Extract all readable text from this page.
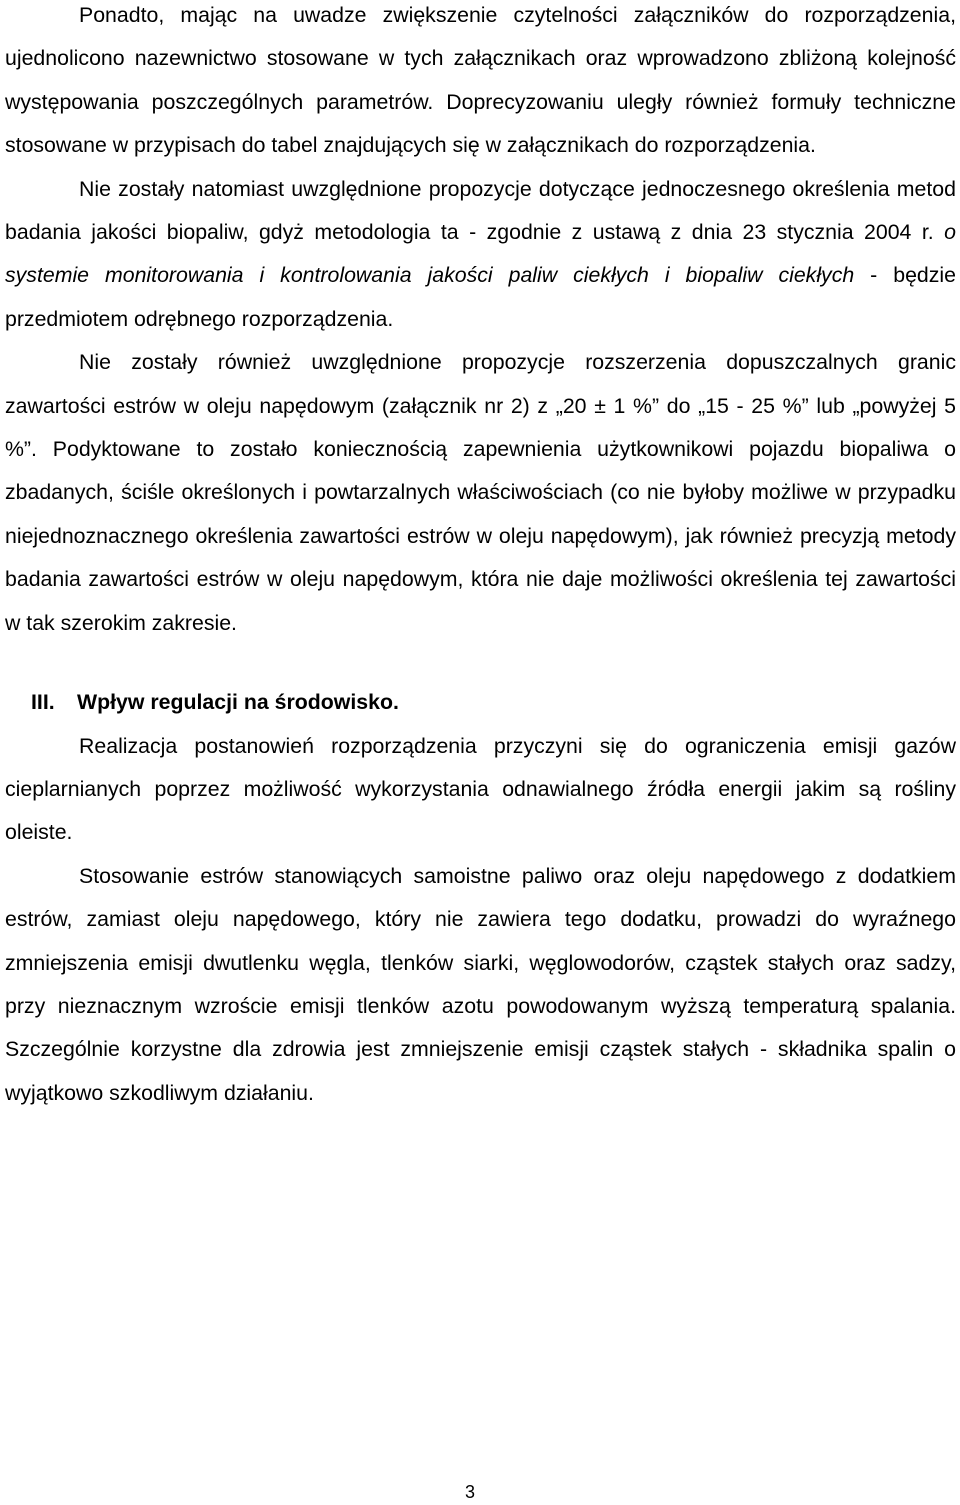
Ponadto, mając na uwadze zwiększenie czytelności załączników do rozporządzenia, ujednolicono nazewnictwo stosowane w tych załącznikach oraz wprowadzono zbliżoną kolejność występowania poszczególnych parametrów. Doprecyzowaniu uległy również formuły techniczne stosowane w przypisach do tabel znajdujących się w załącznikach do rozporządzenia.

Nie zostały natomiast uwzględnione propozycje dotyczące jednoczesnego określenia metod badania jakości biopaliw, gdyż metodologia ta - zgodnie z ustawą z dnia 23 stycznia 2004 r. o systemie monitorowania i kontrolowania jakości paliw ciekłych i biopaliw ciekłych - będzie przedmiotem odrębnego rozporządzenia.

Nie zostały również uwzględnione propozycje rozszerzenia dopuszczalnych granic zawartości estrów w oleju napędowym (załącznik nr 2) z „20 ± 1 %” do „15 - 25 %” lub „powyżej 5 %”. Podyktowane to zostało koniecznością zapewnienia użytkownikowi pojazdu biopaliwa o zbadanych, ściśle określonych i powtarzalnych właściwościach (co nie byłoby możliwe w przypadku niejednoznacznego określenia zawartości estrów w oleju napędowym), jak również precyzją metody badania zawartości estrów w oleju napędowym, która nie daje możliwości określenia tej zawartości w tak szerokim zakresie.

III. Wpływ regulacji na środowisko.

Realizacja postanowień rozporządzenia przyczyni się do ograniczenia emisji gazów cieplarnianych poprzez możliwość wykorzystania odnawialnego źródła energii jakim są rośliny oleiste.

Stosowanie estrów stanowiących samoistne paliwo oraz oleju napędowego z dodatkiem estrów, zamiast oleju napędowego, który nie zawiera tego dodatku, prowadzi do wyraźnego zmniejszenia emisji dwutlenku węgla, tlenków siarki, węglowodorów, cząstek stałych oraz sadzy, przy nieznacznym wzroście emisji tlenków azotu powodowanym wyższą temperaturą spalania. Szczególnie korzystne dla zdrowia jest zmniejszenie emisji cząstek stałych - składnika spalin o wyjątkowo szkodliwym działaniu.

3
